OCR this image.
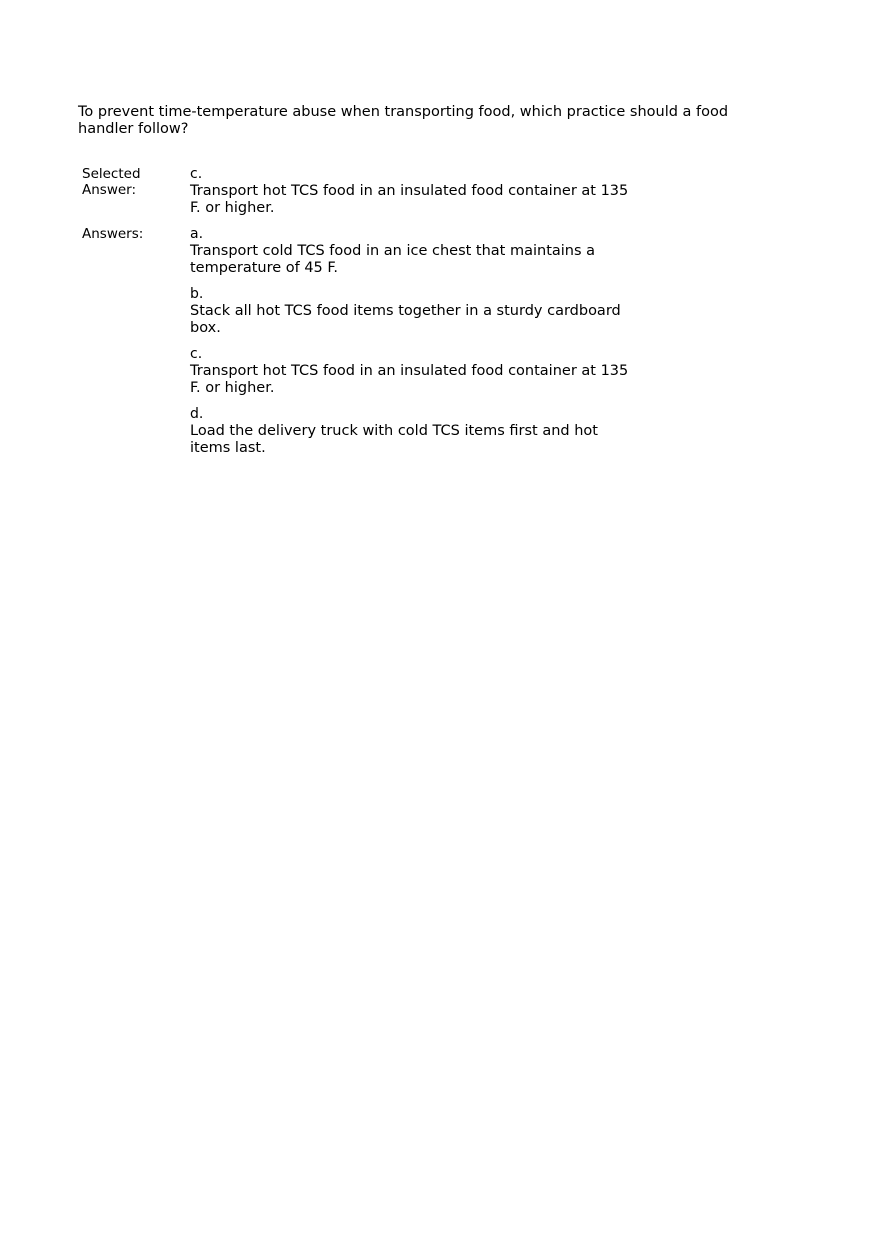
To prevent time-temperature abuse when transporting food, which practice should a food handler follow?

Selected
Answer:
c.
Transport hot TCS food in an insulated food container at 135 F. or higher.
Answers:	a.
Transport cold TCS food in an ice chest that maintains a temperature of 45 F.
b.
Stack all hot TCS food items together in a sturdy cardboard box.
c.
Transport hot TCS food in an insulated food container at 135 F. or higher.
d.
Load the delivery truck with cold TCS items first and hot items last.
